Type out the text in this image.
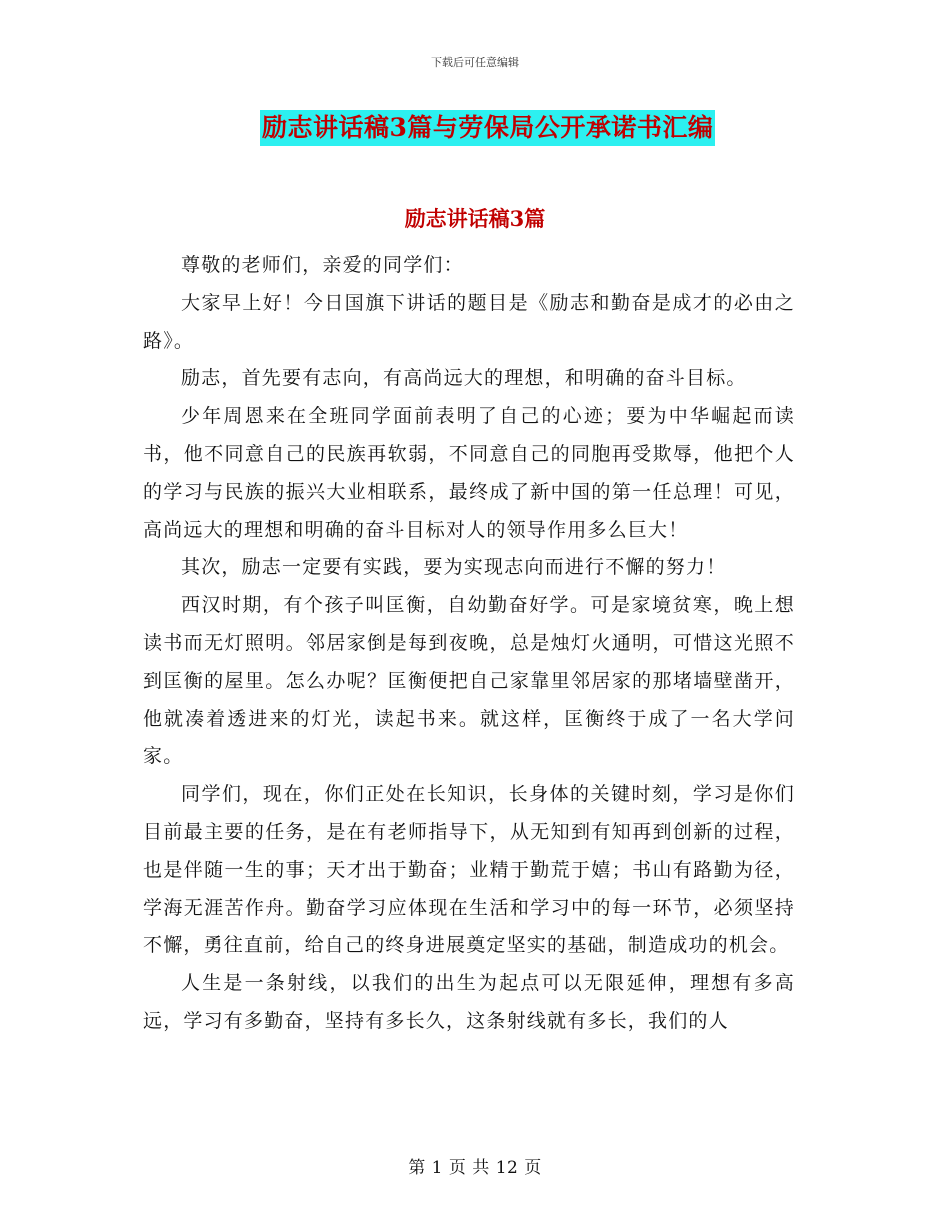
下载后可任意编辑
励志讲话稿3篇与劳保局公开承诺书汇编
励志讲话稿3篇

尊敬的老师们，亲爱的同学们：

大家早上好！今日国旗下讲话的题目是《励志和勤奋是成才的必由之路》。

励志，首先要有志向，有高尚远大的理想，和明确的奋斗目标。

少年周恩来在全班同学面前表明了自己的心迹；要为中华崛起而读书，他不同意自己的民族再软弱，不同意自己的同胞再受欺辱，他把个人的学习与民族的振兴大业相联系，最终成了新中国的第一任总理！可见，高尚远大的理想和明确的奋斗目标对人的领导作用多么巨大！

其次，励志一定要有实践，要为实现志向而进行不懈的努力！

西汉时期，有个孩子叫匡衡，自幼勤奋好学。可是家境贫寒，晚上想读书而无灯照明。邻居家倒是每到夜晚，总是烛灯火通明，可惜这光照不到匡衡的屋里。怎么办呢？匡衡便把自己家靠里邻居家的那堵墙壁凿开，他就凑着透进来的灯光，读起书来。就这样，匡衡终于成了一名大学问家。

同学们，现在，你们正处在长知识，长身体的关键时刻，学习是你们目前最主要的任务，是在有老师指导下，从无知到有知再到创新的过程，也是伴随一生的事；天才出于勤奋；业精于勤荒于嬉；书山有路勤为径，学海无涯苦作舟。勤奋学习应体现在生活和学习中的每一环节，必须坚持不懈，勇往直前，给自己的终身进展奠定坚实的基础，制造成功的机会。

人生是一条射线，以我们的出生为起点可以无限延伸，理想有多高远，学习有多勤奋，坚持有多长久，这条射线就有多长，我们的人

第 1 页 共 12 页
